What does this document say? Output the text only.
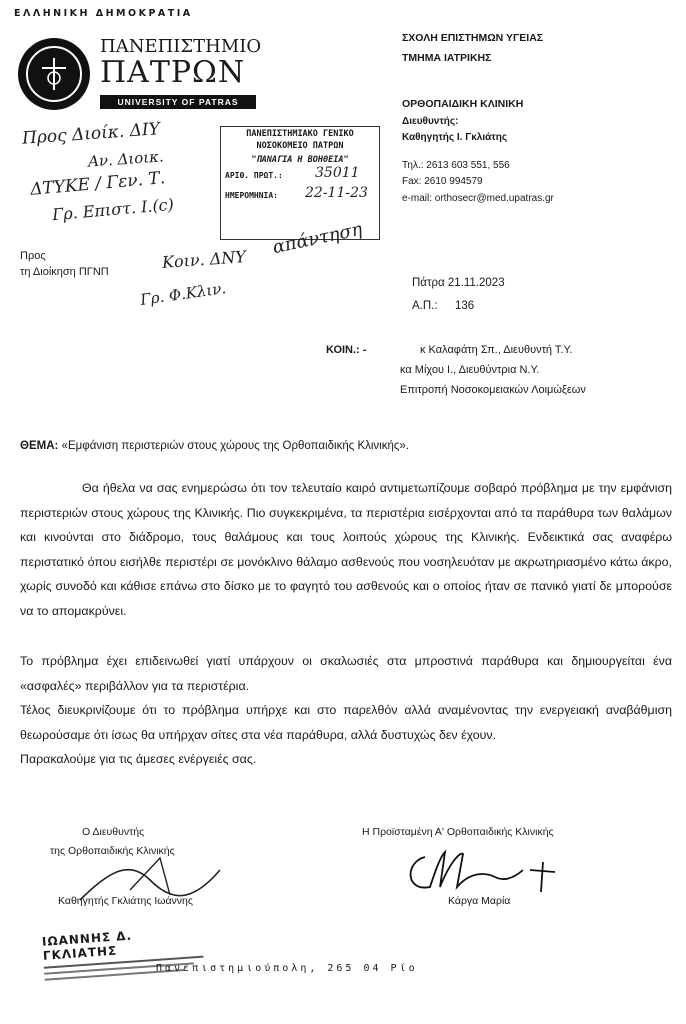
ΕΛΛΗΝΙΚΗ ΔΗΜΟΚΡΑΤΙΑ
ΠΑΝΕΠΙΣΤΗΜΙΟ
ΠΑΤΡΩΝ
UNIVERSITY OF PATRAS
ΣΧΟΛΗ ΕΠΙΣΤΗΜΩΝ ΥΓΕΙΑΣ
ΤΜΗΜΑ ΙΑΤΡΙΚΗΣ
ΟΡΘΟΠΑΙΔΙΚΗ ΚΛΙΝΙΚΗ
Διευθυντής:
Καθηγητής Ι. Γκλιάτης
Τηλ.: 2613 603 551, 556
Fax: 2610 994579
e-mail: orthosecr@med.upatras.gr
ΠΑΝΕΠΙΣΤΗΜΙΑΚΟ ΓΕΝΙΚΟ
ΝΟΣΟΚΟΜΕΙΟ ΠΑΤΡΩΝ
"ΠΑΝΑΓΙΑ Η ΒΟΗΘΕΙΑ"
ΑΡΙΘ. ΠΡΩΤ.: 35011
ΗΜΕΡΟΜΗΝΙΑ: 22-11-23
Προς Διοίκ. ΔΙΥ
Αν. Διοικ.
ΔΤΥΚΕ / Γεν. Τ.
Γρ. Επιστ. Ι.(c)
Κοιν. ΔΝΥ
απάντηση
Γρ. Φ.Κλιν.
Προς
τη Διοίκηση ΠΓΝΠ
Πάτρα 21.11.2023
Α.Π.: 136
ΚΟΙΝ.: -	κ Καλαφάτη Σπ., Διευθυντή Τ.Υ.
κα Μίχου Ι., Διευθύντρια Ν.Υ.
Επιτροπή Νοσοκομειακών Λοιμώξεων
ΘΕΜΑ: «Εμφάνιση περιστεριών στους χώρους της Ορθοπαιδικής Κλινικής».
Θα ήθελα να σας ενημερώσω ότι τον τελευταίο καιρό αντιμετωπίζουμε σοβαρό πρόβλημα με την εμφάνιση περιστεριών στους χώρους της Κλινικής. Πιο συγκεκριμένα, τα περιστέρια εισέρχονται από τα παράθυρα των θαλάμων και κινούνται στο διάδρομο, τους θαλάμους και τους λοιπούς χώρους της Κλινικής. Ενδεικτικά σας αναφέρω περιστατικό όπου εισήλθε περιστέρι σε μονόκλινο θάλαμο ασθενούς που νοσηλευόταν με ακρωτηριασμένο κάτω άκρο, χωρίς συνοδό και κάθισε επάνω στο δίσκο με το φαγητό του ασθενούς και ο οποίος ήταν σε πανικό γιατί δε μπορούσε να το απομακρύνει.
Το πρόβλημα έχει επιδεινωθεί γιατί υπάρχουν οι σκαλωσιές στα μπροστινά παράθυρα και δημιουργείται ένα «ασφαλές» περιβάλλον για τα περιστέρια.
Τέλος διευκρινίζουμε ότι το πρόβλημα υπήρχε και στο παρελθόν αλλά αναμένοντας την ενεργειακή αναβάθμιση θεωρούσαμε ότι ίσως θα υπήρχαν σίτες στα νέα παράθυρα, αλλά δυστυχώς δεν έχουν.
Παρακαλούμε για τις άμεσες ενέργειές σας.
Ο Διευθυντής
της Ορθοπαιδικής Κλινικής
Καθηγητής Γκλιάτης Ιωάννης
ΙΩΑΝΝΗΣ Δ. ΓΚΛΙΑΤΗΣ
Η Προϊσταμένη Α' Ορθοπαιδικής Κλινικής
Κάργα Μαρία
Πανεπιστημιούπολη, 265 04 Ρίο
